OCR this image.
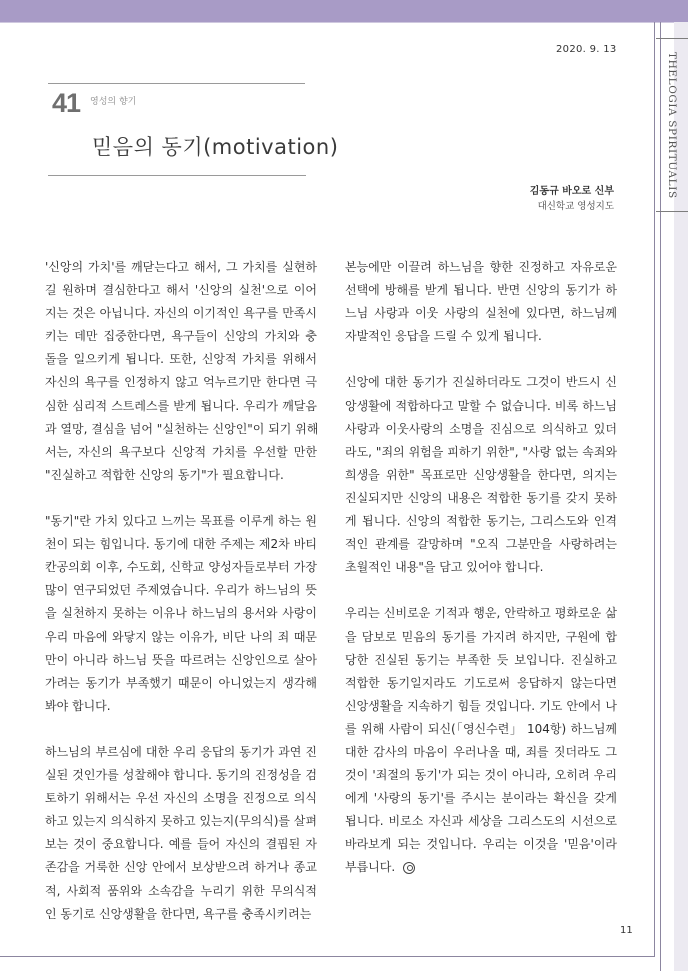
2020. 9. 13
THELOGIA SPIRITUALIS
41 영성의 향기
믿음의 동기(motivation)
김동규 바오로 신부
대신학교 영성지도

'신앙의 가치'를 깨닫는다고 해서, 그 가치를 실현하
길 원하며 결심한다고 해서 '신앙의 실천'으로 이어
지는 것은 아닙니다. 자신의 이기적인 욕구를 만족시
키는 데만 집중한다면, 욕구들이 신앙의 가치와 충
돌을 일으키게 됩니다. 또한, 신앙적 가치를 위해서
자신의 욕구를 인정하지 않고 억누르기만 한다면 극
심한 심리적 스트레스를 받게 됩니다. 우리가 깨달음
과 열망, 결심을 넘어 "실천하는 신앙인"이 되기 위해
서는, 자신의 욕구보다 신앙적 가치를 우선할 만한
"진실하고 적합한 신앙의 동기"가 필요합니다.

"동기"란 가치 있다고 느끼는 목표를 이루게 하는 원
천이 되는 힘입니다. 동기에 대한 주제는 제2차 바티
칸공의회 이후, 수도회, 신학교 양성자들로부터 가장
많이 연구되었던 주제였습니다. 우리가 하느님의 뜻
을 실천하지 못하는 이유나 하느님의 용서와 사랑이
우리 마음에 와닿지 않는 이유가, 비단 나의 죄 때문
만이 아니라 하느님 뜻을 따르려는 신앙인으로 살아
가려는 동기가 부족했기 때문이 아니었는지 생각해
봐야 합니다.

하느님의 부르심에 대한 우리 응답의 동기가 과연 진
실된 것인가를 성찰해야 합니다. 동기의 진정성을 검
토하기 위해서는 우선 자신의 소명을 진정으로 의식
하고 있는지 의식하지 못하고 있는지(무의식)를 살펴
보는 것이 중요합니다. 예를 들어 자신의 결핍된 자
존감을 거룩한 신앙 안에서 보상받으려 하거나 종교
적, 사회적 품위와 소속감을 누리기 위한 무의식적
인 동기로 신앙생활을 한다면, 욕구를 충족시키려는

본능에만 이끌려 하느님을 향한 진정하고 자유로운
선택에 방해를 받게 됩니다. 반면 신앙의 동기가 하
느님 사랑과 이웃 사랑의 실천에 있다면, 하느님께
자발적인 응답을 드릴 수 있게 됩니다.

신앙에 대한 동기가 진실하더라도 그것이 반드시 신
앙생활에 적합하다고 말할 수 없습니다. 비록 하느님
사랑과 이웃사랑의 소명을 진심으로 의식하고 있더
라도, "죄의 위험을 피하기 위한", "사랑 없는 속죄와
희생을 위한" 목표로만 신앙생활을 한다면, 의지는
진실되지만 신앙의 내용은 적합한 동기를 갖지 못하
게 됩니다. 신앙의 적합한 동기는, 그리스도와 인격
적인 관계를 갈망하며 "오직 그분만을 사랑하려는
초월적인 내용"을 담고 있어야 합니다.

우리는 신비로운 기적과 행운, 안락하고 평화로운 삶
을 담보로 믿음의 동기를 가지려 하지만, 구원에 합
당한 진실된 동기는 부족한 듯 보입니다. 진실하고
적합한 동기일지라도 기도로써 응답하지 않는다면
신앙생활을 지속하기 힘들 것입니다. 기도 안에서 나
를 위해 사람이 되신(「영신수련」 104항) 하느님께
대한 감사의 마음이 우러나올 때, 죄를 짓더라도 그
것이 '죄절의 동기'가 되는 것이 아니라, 오히려 우리
에게 '사랑의 동기'를 주시는 분이라는 확신을 갖게
됩니다. 비로소 자신과 세상을 그리스도의 시선으로
바라보게 되는 것입니다. 우리는 이것을 '믿음'이라
부릅니다.

11
